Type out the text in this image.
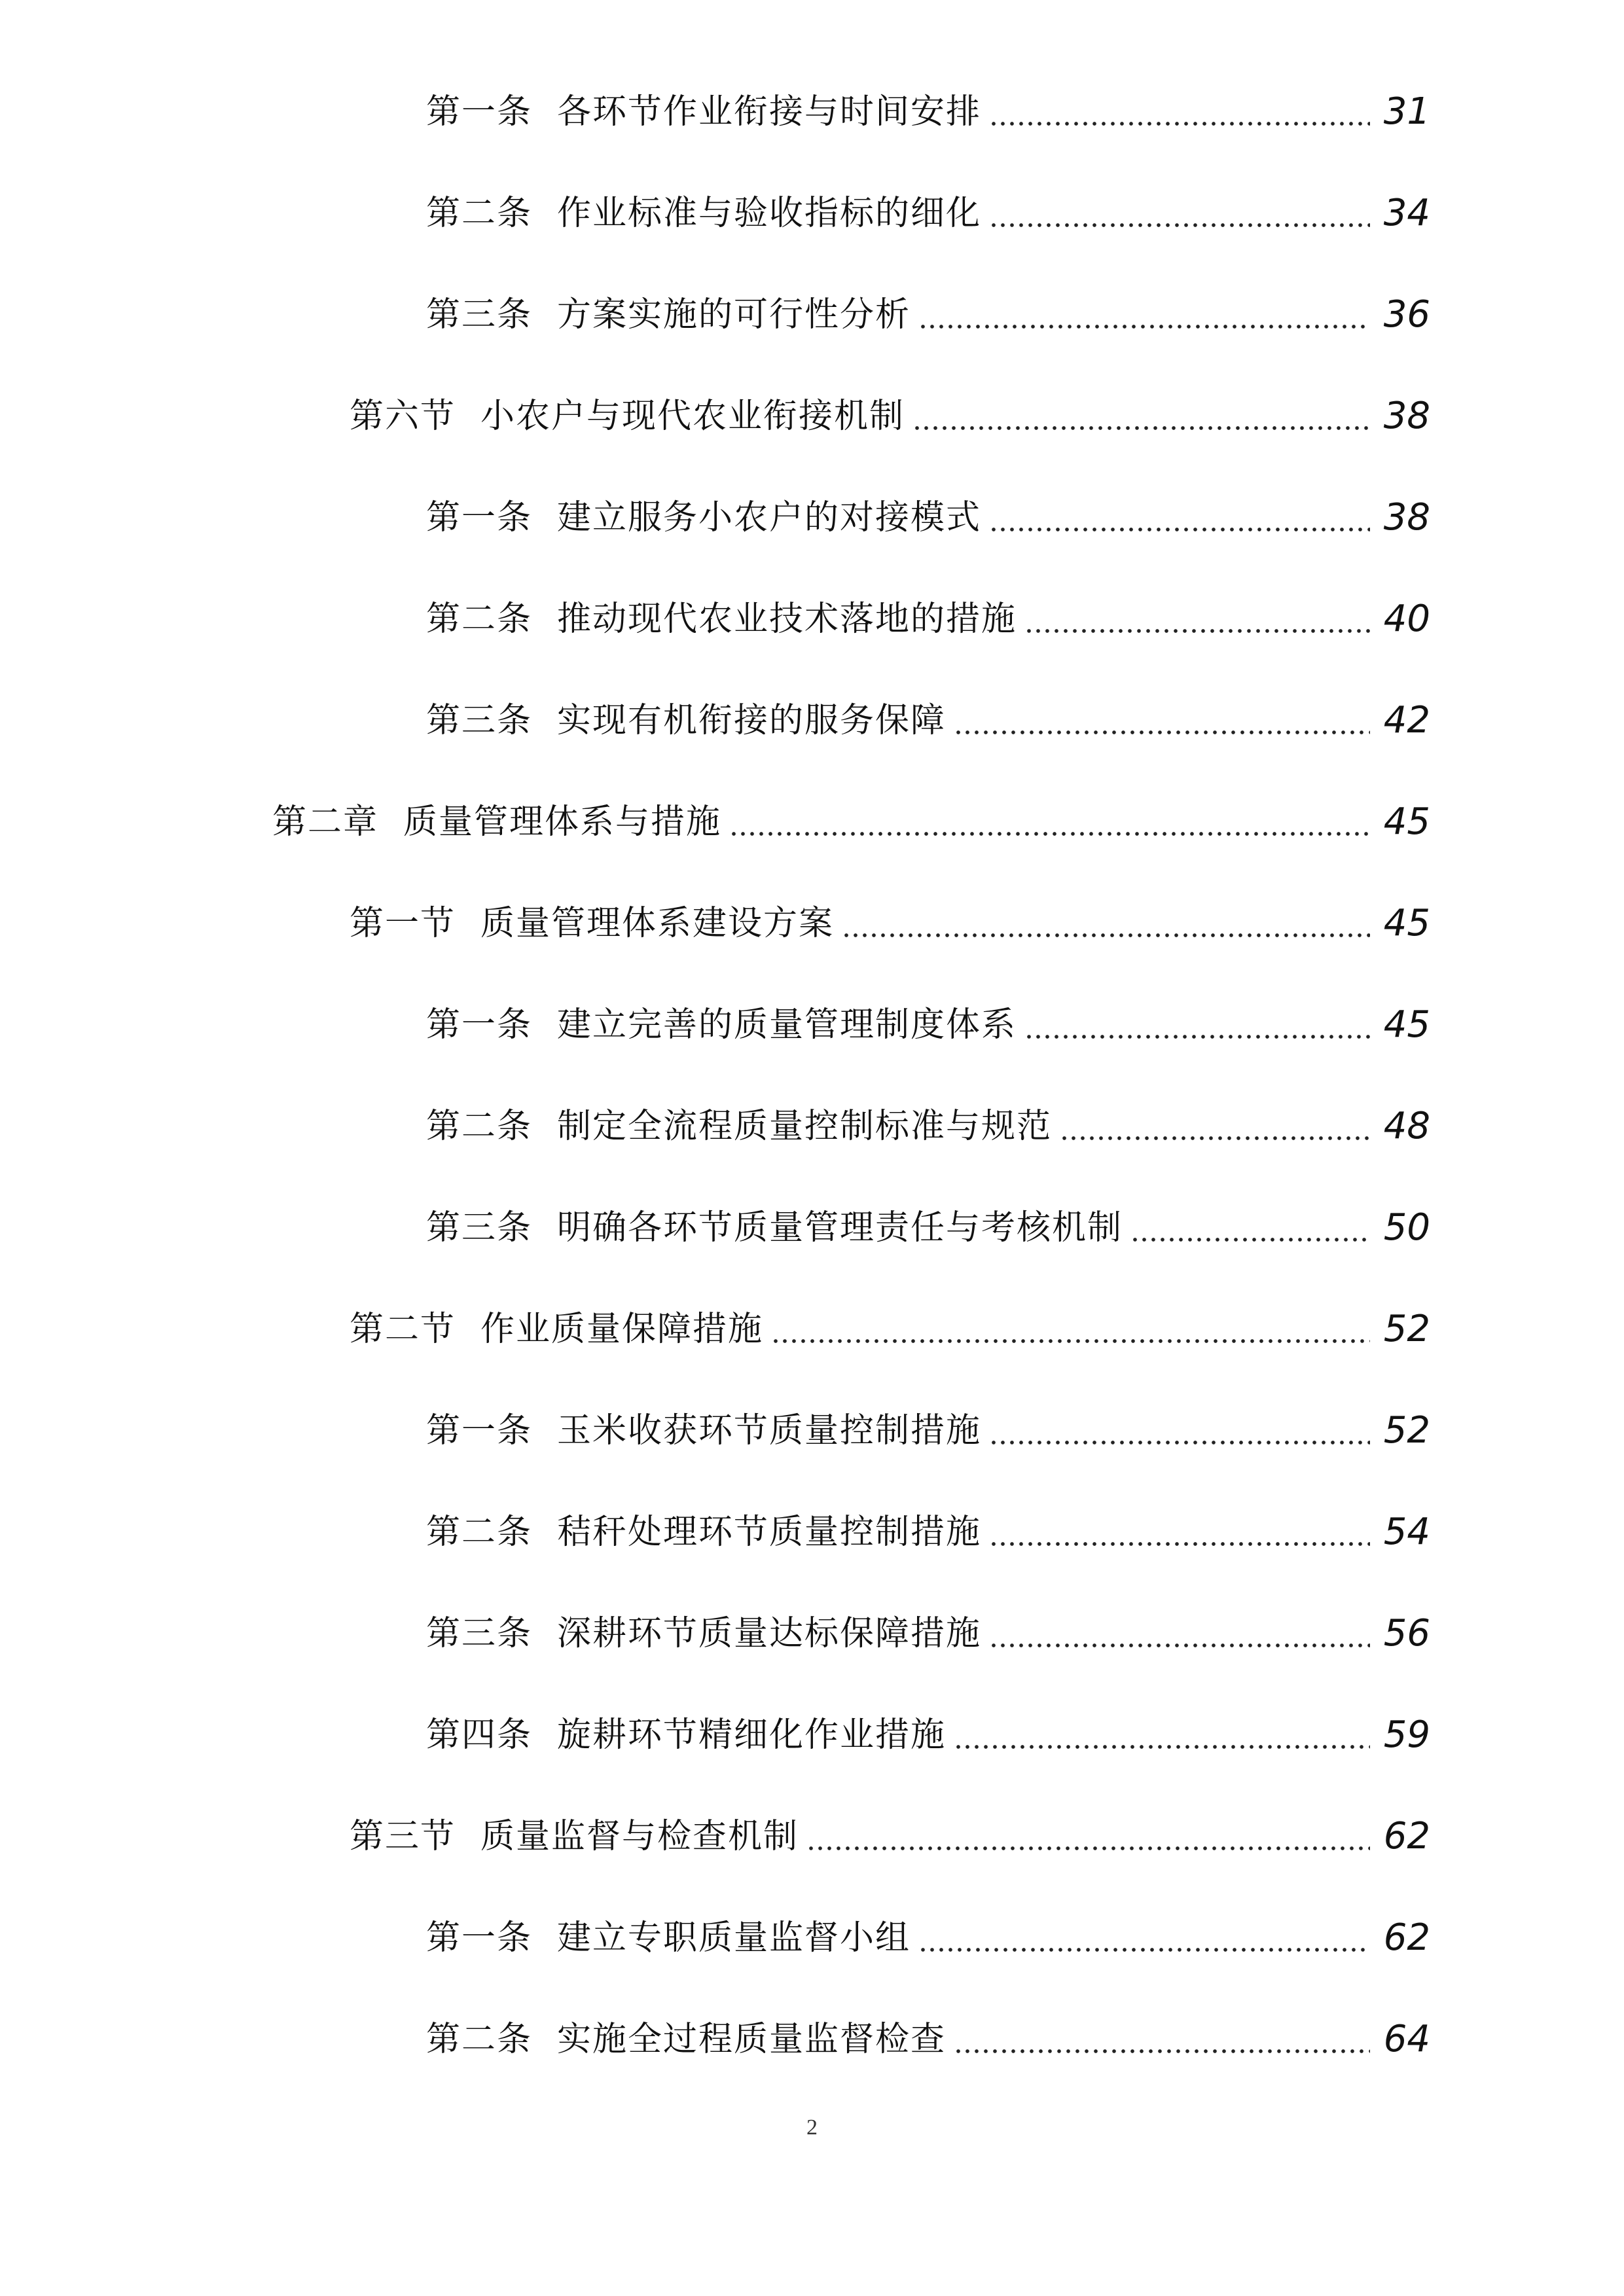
第一条 各环节作业衔接与时间安排	31
第二条 作业标准与验收指标的细化	34
第三条 方案实施的可行性分析	36
第六节 小农户与现代农业衔接机制	38
第一条 建立服务小农户的对接模式	38
第二条 推动现代农业技术落地的措施	40
第三条 实现有机衔接的服务保障	42
第二章 质量管理体系与措施	45
第一节 质量管理体系建设方案	45
第一条 建立完善的质量管理制度体系	45
第二条 制定全流程质量控制标准与规范	48
第三条 明确各环节质量管理责任与考核机制	50
第二节 作业质量保障措施	52
第一条 玉米收获环节质量控制措施	52
第二条 秸秆处理环节质量控制措施	54
第三条 深耕环节质量达标保障措施	56
第四条 旋耕环节精细化作业措施	59
第三节 质量监督与检查机制	62
第一条 建立专职质量监督小组	62
第二条 实施全过程质量监督检查	64
2
